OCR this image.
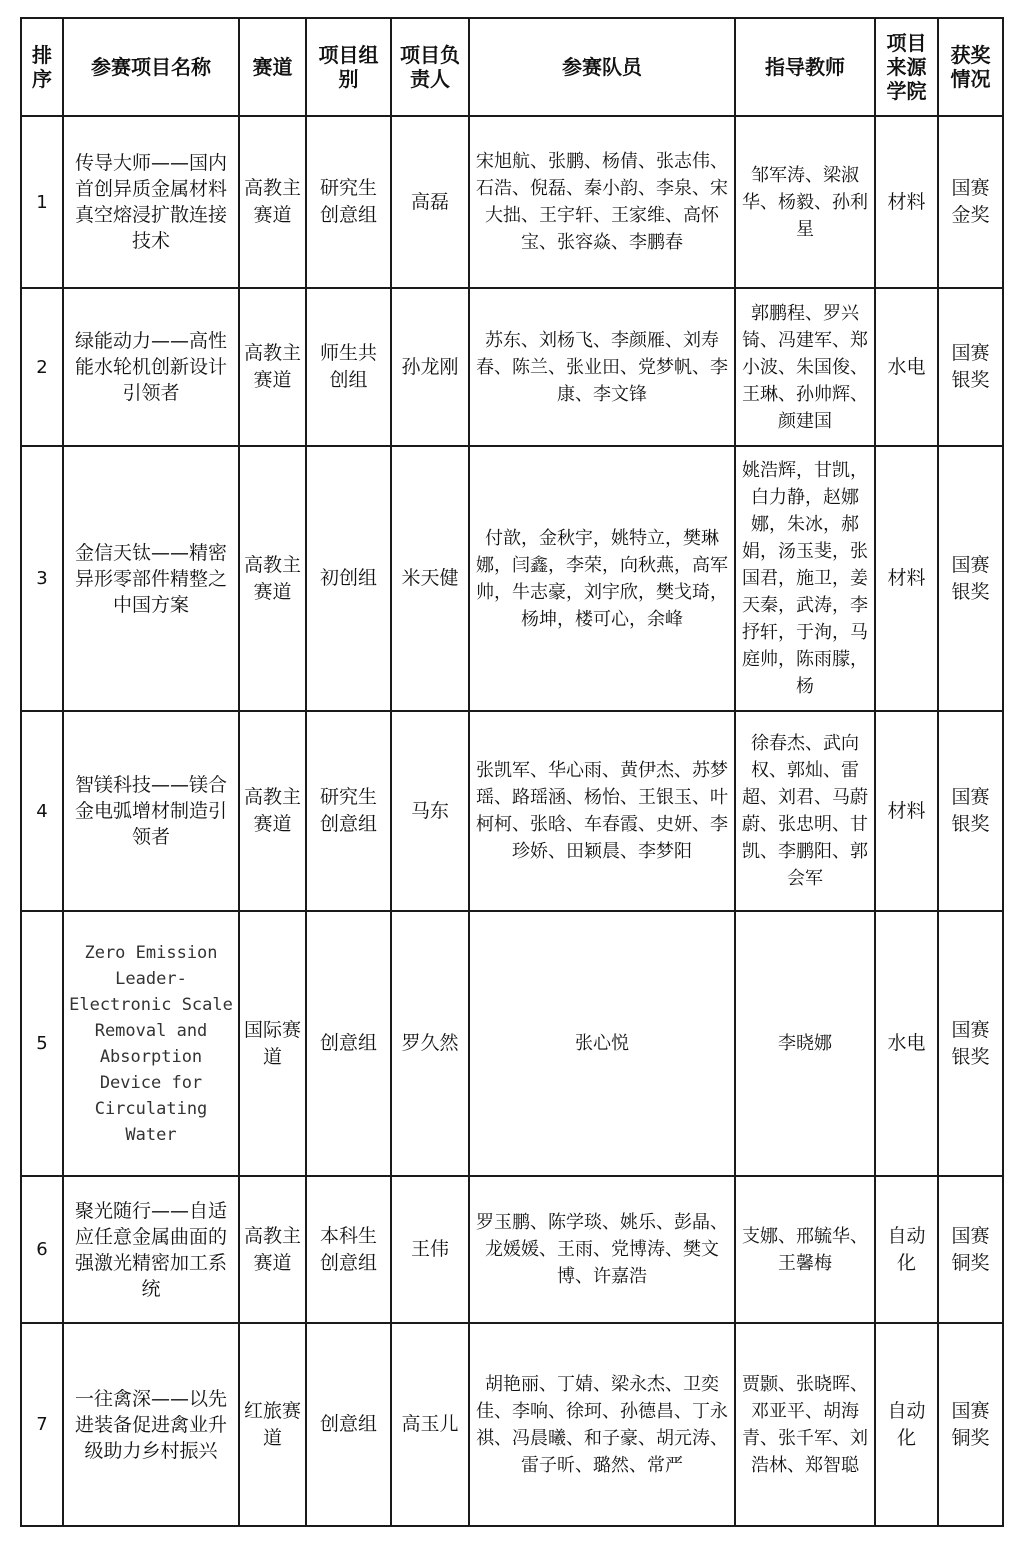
排序	参赛项目名称	赛道	项目组别	项目负责人	参赛队员	指导教师	项目来源学院	获奖情况
1	传导大师——国内首创异质金属材料真空熔浸扩散连接技术	高教主赛道	研究生创意组	高磊	宋旭航、张鹏、杨倩、张志伟、石浩、倪磊、秦小韵、李泉、宋大拙、王宇轩、王家维、高怀宝、张容焱、李鹏春	邹军涛、梁淑华、杨毅、孙利星	材料	国赛金奖
2	绿能动力——高性能水轮机创新设计引领者	高教主赛道	师生共创组	孙龙刚	苏东、刘杨飞、李颜雁、刘寿春、陈兰、张业田、党梦帆、李康、李文锋	郭鹏程、罗兴锜、冯建军、郑小波、朱国俊、王琳、孙帅辉、颜建国	水电	国赛银奖
3	金信天钛——精密异形零部件精整之中国方案	高教主赛道	初创组	米天健	付歆，金秋宇，姚特立，樊琳娜，闫鑫，李荣，向秋燕，高军帅，牛志豪，刘宇欣，樊戈琦，杨坤，楼可心，余峰	姚浩辉，甘凯，白力静，赵娜娜，朱冰，郝娟，汤玉斐，张国君，施卫，姜天秦，武涛，李抒轩，于洵，马庭帅，陈雨朦，杨	材料	国赛银奖
4	智镁科技——镁合金电弧增材制造引领者	高教主赛道	研究生创意组	马东	张凯军、华心雨、黄伊杰、苏梦瑶、路瑶涵、杨怡、王银玉、叶柯柯、张晗、车春霞、史妍、李珍娇、田颖晨、李梦阳	徐春杰、武向权、郭灿、雷超、刘君、马蔚蔚、张忠明、甘凯、李鹏阳、郭会军	材料	国赛银奖
5	Zero Emission Leader-Electronic Scale Removal and Absorption Device for Circulating Water	国际赛道	创意组	罗久然	张心悦	李晓娜	水电	国赛银奖
6	聚光随行——自适应任意金属曲面的强激光精密加工系统	高教主赛道	本科生创意组	王伟	罗玉鹏、陈学琰、姚乐、彭晶、龙媛媛、王雨、党博涛、樊文博、许嘉浩	支娜、邢毓华、王馨梅	自动化	国赛铜奖
7	一往禽深——以先进装备促进禽业升级助力乡村振兴	红旅赛道	创意组	高玉儿	胡艳丽、丁婧、梁永杰、卫奕佳、李响、徐珂、孙德昌、丁永祺、冯晨曦、和子豪、胡元涛、雷子昕、璐然、常严	贾颢、张晓晖、邓亚平、胡海青、张千军、刘浩林、郑智聪	自动化	国赛铜奖
